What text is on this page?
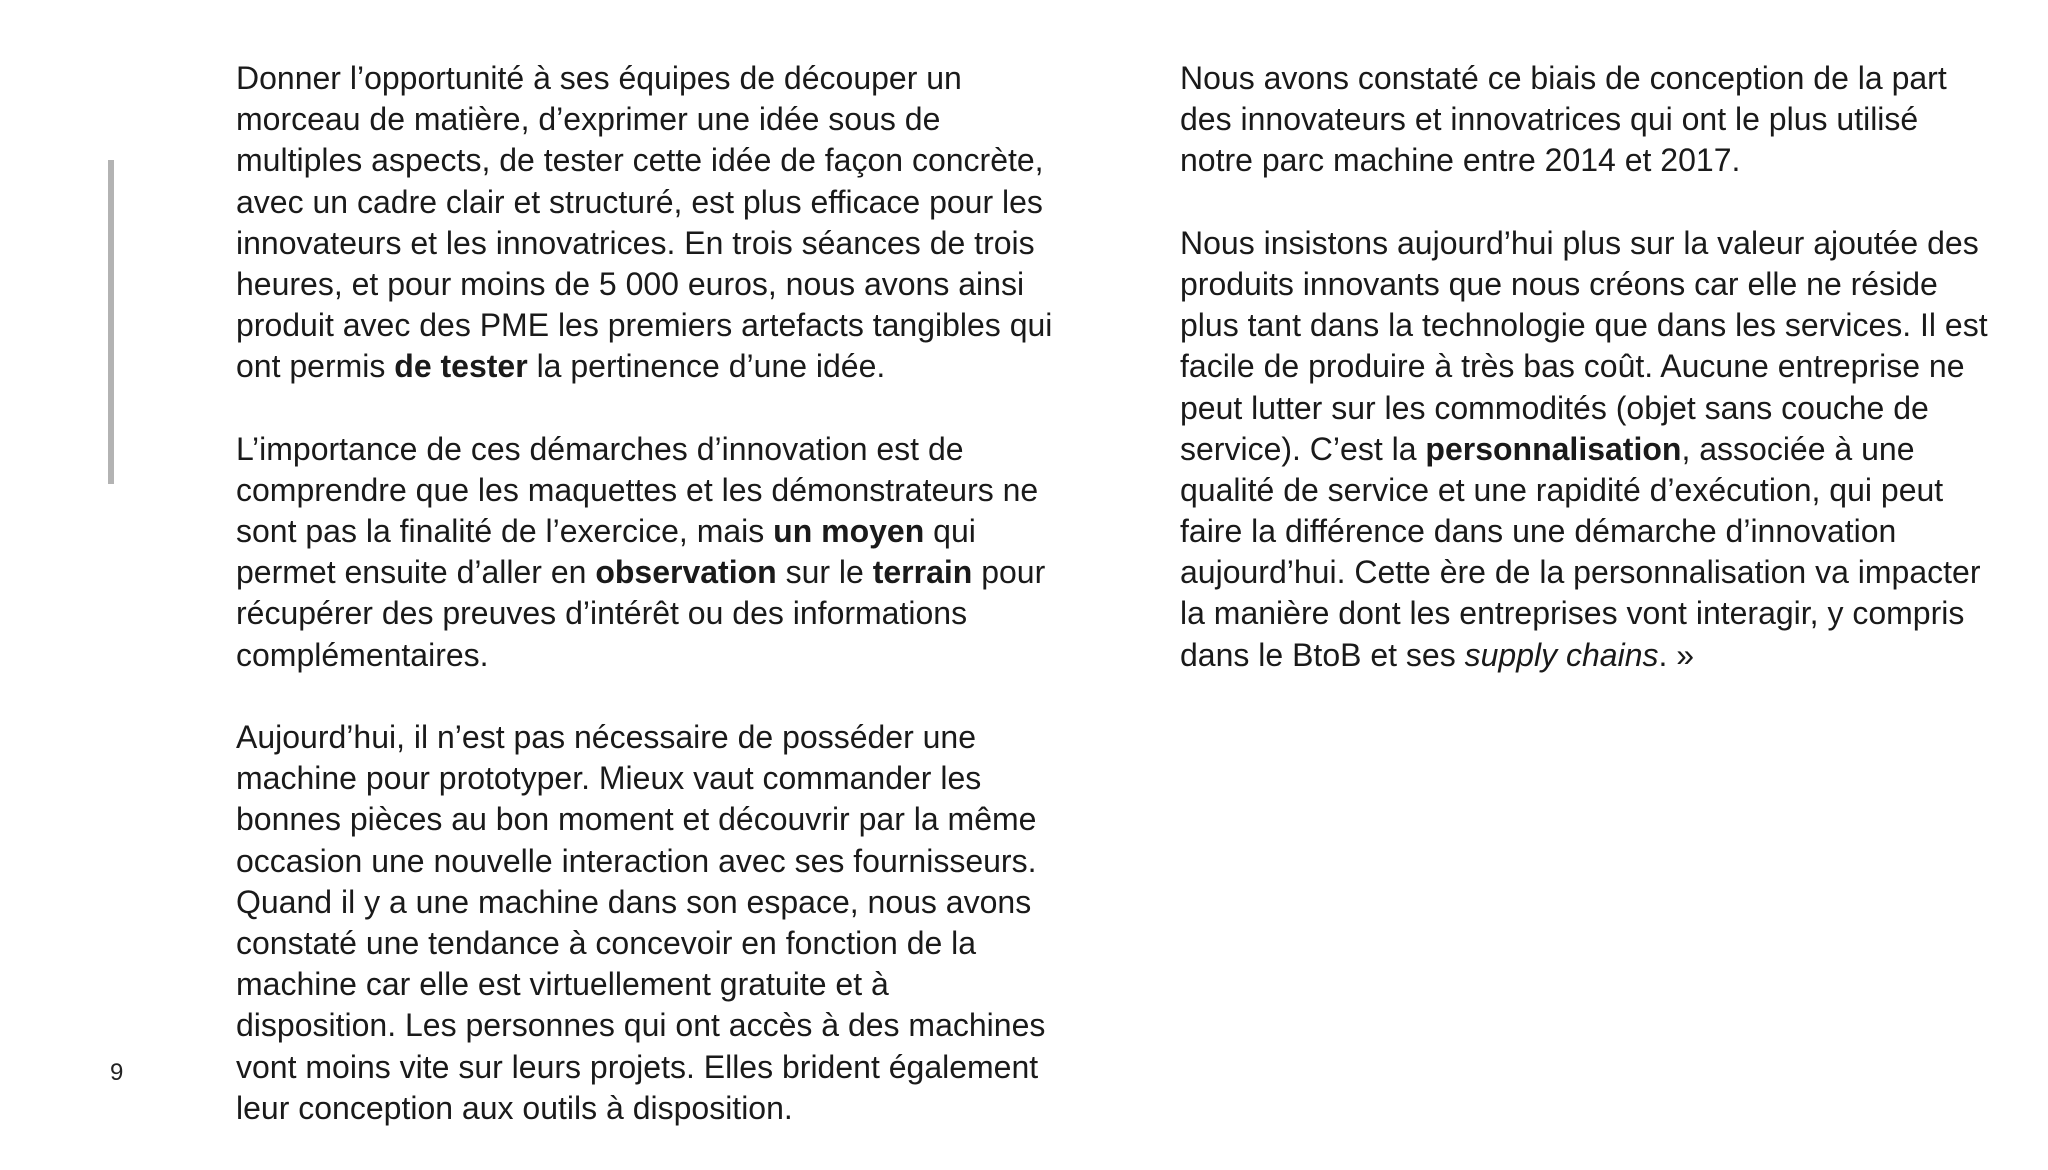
9
Donner l’opportunité à ses équipes de découper un
morceau de matière, d’exprimer une idée sous de
multiples aspects, de tester cette idée de façon concrète,
avec un cadre clair et structuré, est plus efficace pour les
innovateurs et les innovatrices. En trois séances de trois
heures, et pour moins de 5 000 euros, nous avons ainsi
produit avec des PME les premiers artefacts tangibles qui
ont permis de tester la pertinence d’une idée.
L’importance de ces démarches d’innovation est de
comprendre que les maquettes et les démonstrateurs ne
sont pas la finalité de l’exercice, mais un moyen qui
permet ensuite d’aller en observation sur le terrain pour
récupérer des preuves d’intérêt ou des informations
complémentaires.
Aujourd’hui, il n’est pas nécessaire de posséder une
machine pour prototyper. Mieux vaut commander les
bonnes pièces au bon moment et découvrir par la même
occasion une nouvelle interaction avec ses fournisseurs.
Quand il y a une machine dans son espace, nous avons
constaté une tendance à concevoir en fonction de la
machine car elle est virtuellement gratuite et à
disposition. Les personnes qui ont accès à des machines
vont moins vite sur leurs projets. Elles brident également
leur conception aux outils à disposition.
Nous avons constaté ce biais de conception de la part
des innovateurs et innovatrices qui ont le plus utilisé
notre parc machine entre 2014 et 2017.
Nous insistons aujourd’hui plus sur la valeur ajoutée des
produits innovants que nous créons car elle ne réside
plus tant dans la technologie que dans les services. Il est
facile de produire à très bas coût. Aucune entreprise ne
peut lutter sur les commodités (objet sans couche de
service). C’est la personnalisation, associée à une
qualité de service et une rapidité d’exécution, qui peut
faire la différence dans une démarche d’innovation
aujourd’hui. Cette ère de la personnalisation va impacter
la manière dont les entreprises vont interagir, y compris
dans le BtoB et ses supply chains. »
